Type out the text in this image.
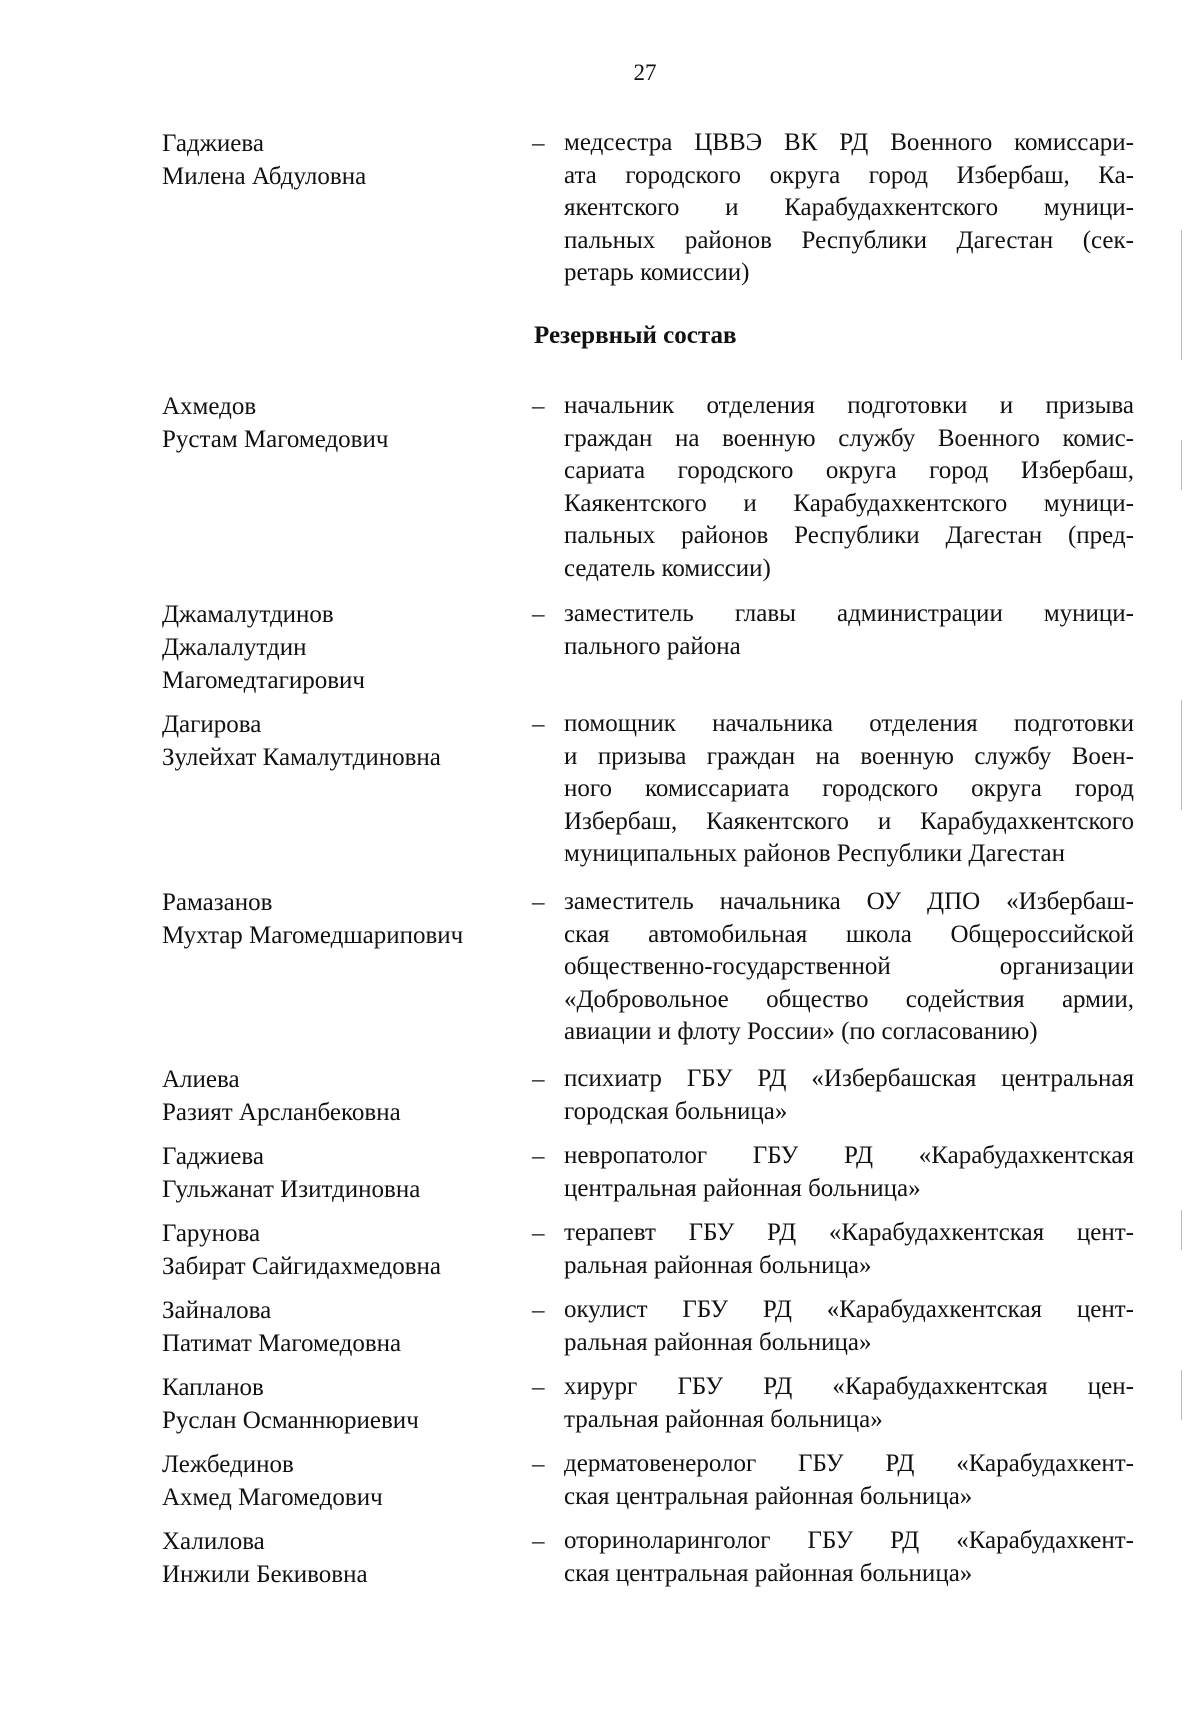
27
Гаджиева
Милена Абдуловна
– медсестра ЦВВЭ ВК РД Военного комиссари-
ата городского округа город Избербаш, Ка-
якентского и Карабудахкентского муници-
пальных районов Республики Дагестан (сек-
ретарь комиссии)
Резервный состав
Ахмедов
Рустам Магомедович
– начальник отделения подготовки и призыва
граждан на военную службу Военного комис-
сариата городского округа город Избербаш,
Каякентского и Карабудахкентского муници-
пальных районов Республики Дагестан (пред-
седатель комиссии)
Джамалутдинов
Джалалутдин
Магомедтагирович
– заместитель главы администрации муници-
пального района
Дагирова
Зулейхат Камалутдиновна
– помощник начальника отделения подготовки
и призыва граждан на военную службу Воен-
ного комиссариата городского округа город
Избербаш, Каякентского и Карабудахкентского
муниципальных районов Республики Дагестан
Рамазанов
Мухтар Магомедшарипович
– заместитель начальника ОУ ДПО «Избербаш-
ская автомобильная школа Общероссийской
общественно-государственной организации
«Добровольное общество содействия армии,
авиации и флоту России» (по согласованию)
Алиева
Разият Арсланбековна
– психиатр ГБУ РД «Избербашская центральная
городская больница»
Гаджиева
Гульжанат Изитдиновна
– невропатолог ГБУ РД «Карабудахкентская
центральная районная больница»
Гарунова
Забират Сайгидахмедовна
– терапевт ГБУ РД «Карабудахкентская цент-
ральная районная больница»
Зайналова
Патимат Магомедовна
– окулист ГБУ РД «Карабудахкентская цент-
ральная районная больница»
Капланов
Руслан Османнюриевич
– хирург ГБУ РД «Карабудахкентская цен-
тральная районная больница»
Лежбединов
Ахмед Магомедович
– дерматовенеролог ГБУ РД «Карабудахкент-
ская центральная районная больница»
Халилова
Инжили Бекивовна
– оториноларинголог ГБУ РД «Карабудахкент-
ская центральная районная больница»
